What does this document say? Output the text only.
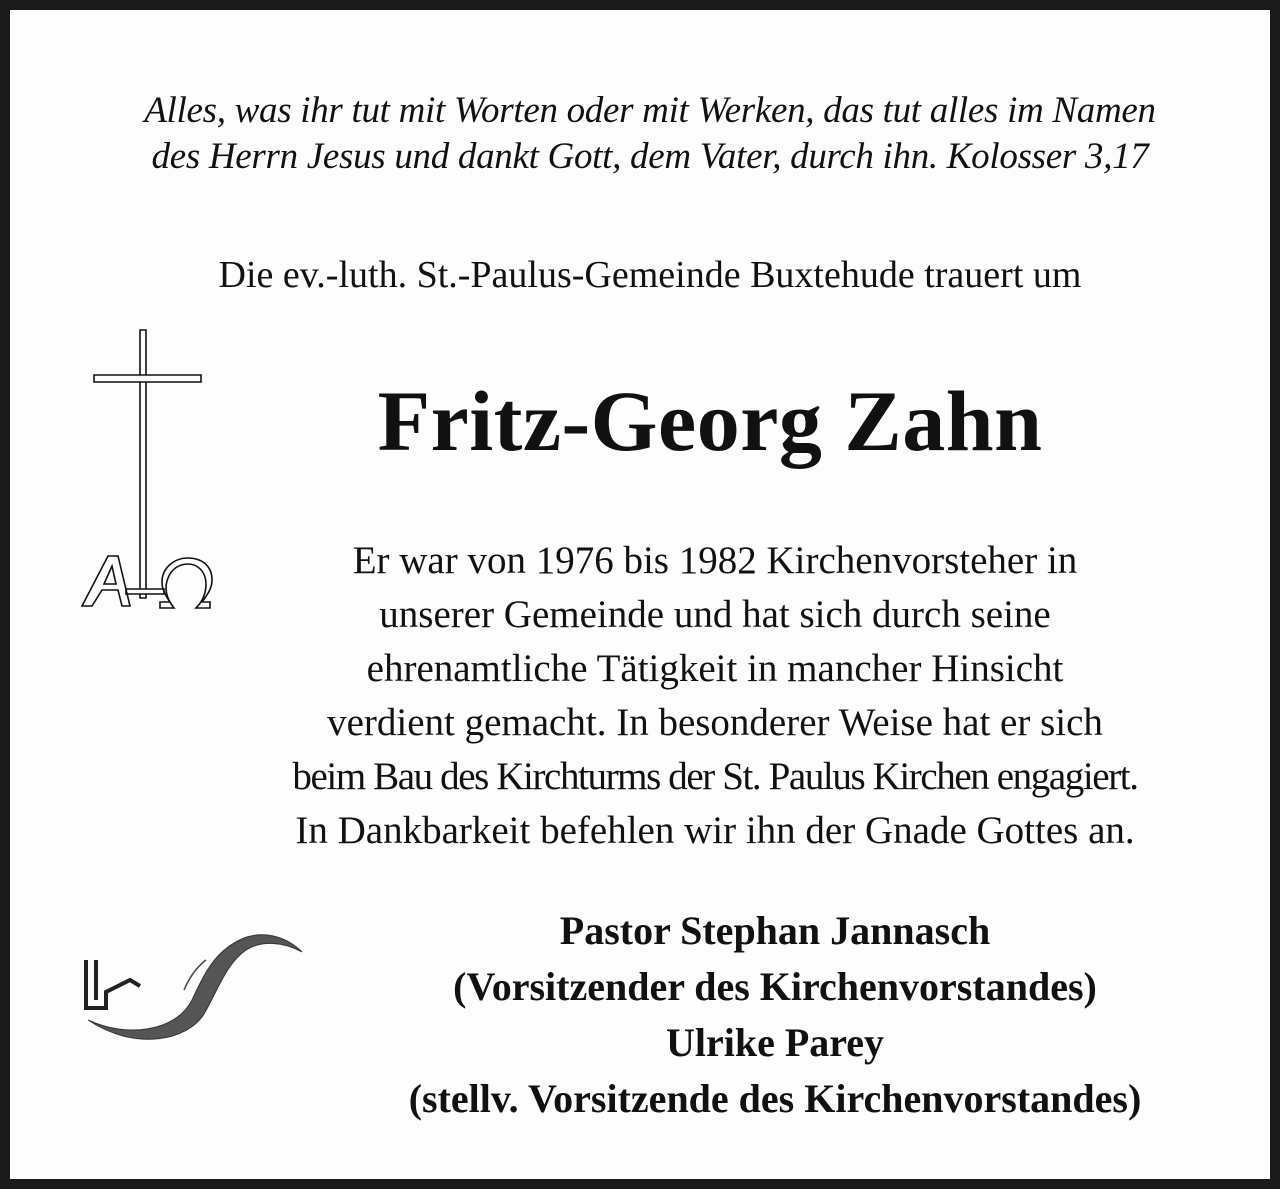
Alles, was ihr tut mit Worten oder mit Werken, das tut alles im Namen
des Herrn Jesus und dankt Gott, dem Vater, durch ihn. Kolosser 3,17
Die ev.-luth. St.-Paulus-Gemeinde Buxtehude trauert um
Fritz-Georg Zahn
Er war von 1976 bis 1982 Kirchenvorsteher in
unserer Gemeinde und hat sich durch seine
ehrenamtliche Tätigkeit in mancher Hinsicht
verdient gemacht. In besonderer Weise hat er sich
beim Bau des Kirchturms der St. Paulus Kirchen engagiert.
In Dankbarkeit befehlen wir ihn der Gnade Gottes an.
Pastor Stephan Jannasch
(Vorsitzender des Kirchenvorstandes)
Ulrike Parey
(stellv. Vorsitzende des Kirchenvorstandes)
